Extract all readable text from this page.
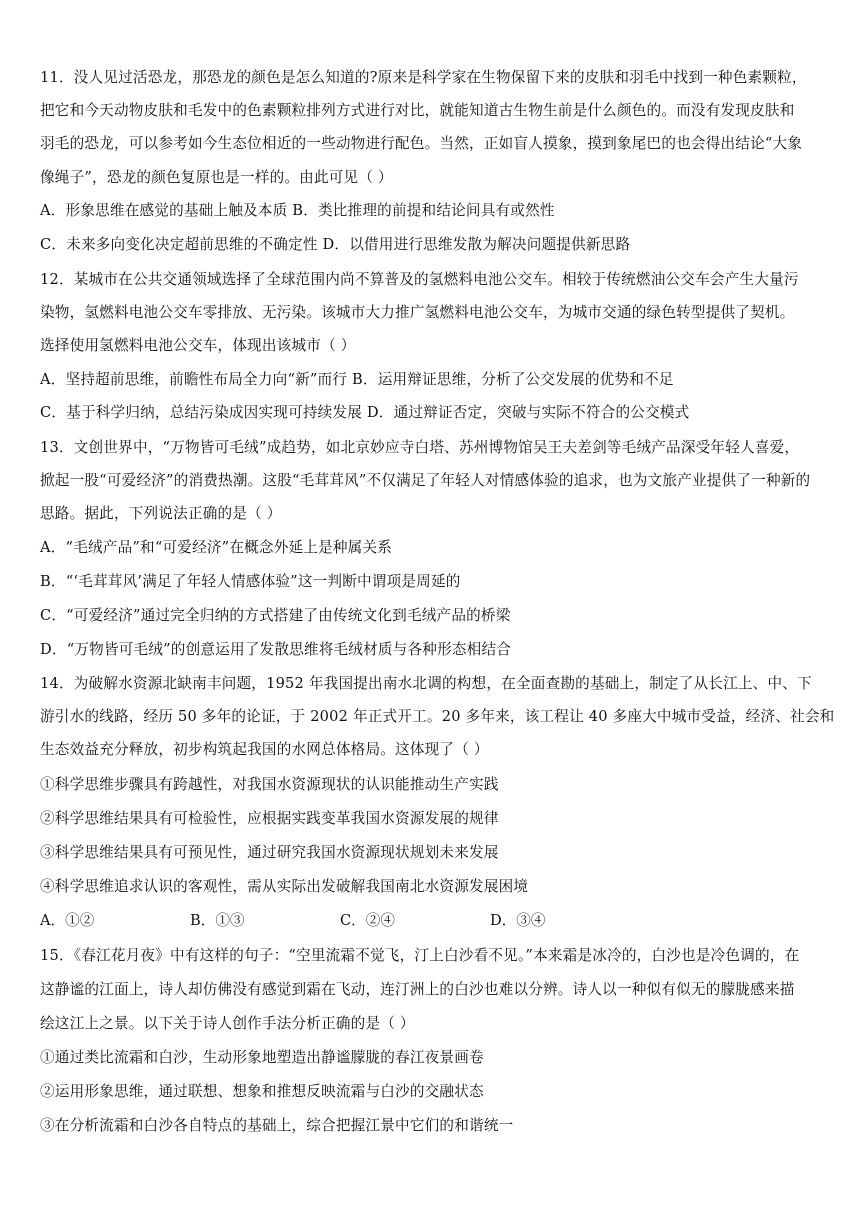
11．没人见过活恐龙，那恐龙的颜色是怎么知道的?原来是科学家在生物保留下来的皮肤和羽毛中找到一种色素颗粒，
把它和今天动物皮肤和毛发中的色素颗粒排列方式进行对比，就能知道古生物生前是什么颜色的。而没有发现皮肤和
羽毛的恐龙，可以参考如今生态位相近的一些动物进行配色。当然，正如盲人摸象，摸到象尾巴的也会得出结论“大象
像绳子”，恐龙的颜色复原也是一样的。由此可见（ ）
A．形象思维在感觉的基础上触及本质 B．类比推理的前提和结论间具有或然性
C．未来多向变化决定超前思维的不确定性 D．以借用进行思维发散为解决问题提供新思路
12．某城市在公共交通领域选择了全球范围内尚不算普及的氢燃料电池公交车。相较于传统燃油公交车会产生大量污
染物，氢燃料电池公交车零排放、无污染。该城市大力推广氢燃料电池公交车，为城市交通的绿色转型提供了契机。
选择使用氢燃料电池公交车，体现出该城市（ ）
A．坚持超前思维，前瞻性布局全力向“新”而行 B．运用辩证思维，分析了公交发展的优势和不足
C．基于科学归纳，总结污染成因实现可持续发展 D．通过辩证否定，突破与实际不符合的公交模式
13．文创世界中，“万物皆可毛绒”成趋势，如北京妙应寺白塔、苏州博物馆吴王夫差剑等毛绒产品深受年轻人喜爱，
掀起一股“可爱经济”的消费热潮。这股“毛茸茸风”不仅满足了年轻人对情感体验的追求，也为文旅产业提供了一种新的
思路。据此，下列说法正确的是（ ）
A．“毛绒产品”和“可爱经济”在概念外延上是种属关系
B．“‘毛茸茸风’满足了年轻人情感体验”这一判断中谓项是周延的
C．“可爱经济”通过完全归纳的方式搭建了由传统文化到毛绒产品的桥梁
D．“万物皆可毛绒”的创意运用了发散思维将毛绒材质与各种形态相结合
14．为破解水资源北缺南丰问题，1952 年我国提出南水北调的构想，在全面查勘的基础上，制定了从长江上、中、下
游引水的线路，经历 50 多年的论证，于 2002 年正式开工。20 多年来，该工程让 40 多座大中城市受益，经济、社会和
生态效益充分释放，初步构筑起我国的水网总体格局。这体现了（ ）
①科学思维步骤具有跨越性，对我国水资源现状的认识能推动生产实践
②科学思维结果具有可检验性，应根据实践变革我国水资源发展的规律
③科学思维结果具有可预见性，通过研究我国水资源现状规划未来发展
④科学思维追求认识的客观性，需从实际出发破解我国南北水资源发展困境
A．①②	B．①③	C．②④	D．③④
15．《春江花月夜》中有这样的句子：“空里流霜不觉飞，汀上白沙看不见。”本来霜是冰冷的，白沙也是冷色调的，在
这静谧的江面上，诗人却仿佛没有感觉到霜在飞动，连汀洲上的白沙也难以分辨。诗人以一种似有似无的朦胧感来描
绘这江上之景。以下关于诗人创作手法分析正确的是（ ）
①通过类比流霜和白沙，生动形象地塑造出静谧朦胧的春江夜景画卷
②运用形象思维，通过联想、想象和推想反映流霜与白沙的交融状态
③在分析流霜和白沙各自特点的基础上，综合把握江景中它们的和谐统一
